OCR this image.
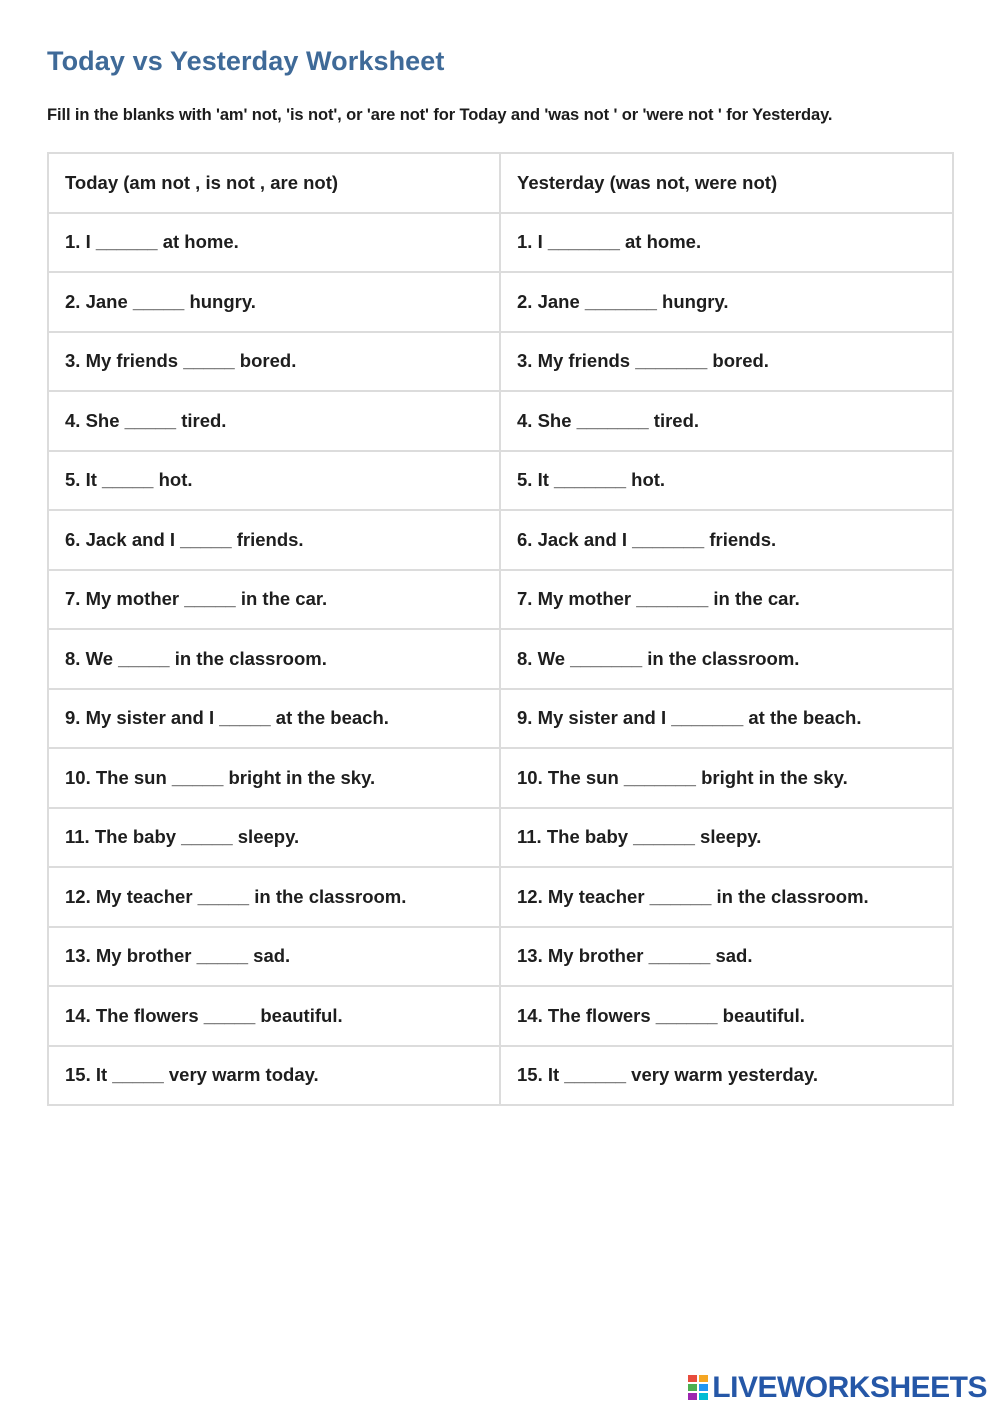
Today vs Yesterday Worksheet
Fill in the blanks with 'am' not, 'is not', or 'are not' for Today and 'was not ' or 'were not ' for Yesterday.
Today (am not , is not , are not)	Yesterday (was not, were not)
1. I ______ at home.	1. I _______ at home.
2. Jane _____ hungry.	2. Jane _______ hungry.
3. My friends _____ bored.	3. My friends _______ bored.
4. She _____ tired.	4. She _______ tired.
5. It _____ hot.	5. It _______ hot.
6. Jack and I _____ friends.	6. Jack and I _______ friends.
7. My mother _____ in the car.	7. My mother _______ in the car.
8. We _____ in the classroom.	8. We _______ in the classroom.
9. My sister and I _____ at the beach.	9. My sister and I _______ at the beach.
10. The sun _____ bright in the sky.	10. The sun _______ bright in the sky.
11. The baby _____ sleepy.	11. The baby ______ sleepy.
12. My teacher _____ in the classroom.	12. My teacher ______ in the classroom.
13. My brother _____ sad.	13. My brother ______ sad.
14. The flowers _____ beautiful.	14. The flowers ______ beautiful.
15. It _____ very warm today.	15. It ______ very warm yesterday.
LIVEWORKSHEETS
